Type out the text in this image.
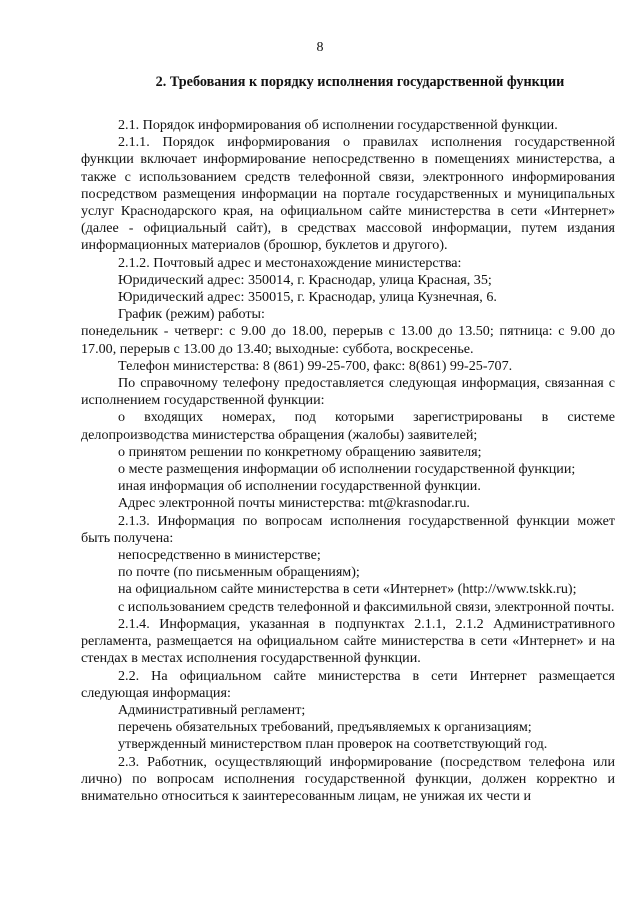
8
2. Требования к порядку исполнения государственной функции

2.1. Порядок информирования об исполнении государственной функции.

2.1.1. Порядок информирования о правилах исполнения государственной функции включает информирование непосредственно в помещениях министерства, а также с использованием средств телефонной связи, электронного информирования посредством размещения информации на портале государственных и муниципальных услуг Краснодарского края, на официальном сайте министерства в сети «Интернет» (далее - официальный сайт), в средствах массовой информации, путем издания информационных материалов (брошюр, буклетов и другого).

2.1.2. Почтовый адрес и местонахождение министерства:

Юридический адрес: 350014, г. Краснодар, улица Красная, 35;

Юридический адрес: 350015, г. Краснодар, улица Кузнечная, 6.

График (режим) работы:

понедельник - четверг: с 9.00 до 18.00, перерыв с 13.00 до 13.50; пятница: с 9.00 до 17.00, перерыв с 13.00 до 13.40; выходные: суббота, воскресенье.

Телефон министерства: 8 (861) 99-25-700, факс: 8(861) 99-25-707.

По справочному телефону предоставляется следующая информация, связанная с исполнением государственной функции:

о входящих номерах, под которыми зарегистрированы в системе делопроизводства министерства обращения (жалобы) заявителей;

о принятом решении по конкретному обращению заявителя;

о месте размещения информации об исполнении государственной функции;

иная информация об исполнении государственной функции.

Адрес электронной почты министерства: mt@krasnodar.ru.

2.1.3. Информация по вопросам исполнения государственной функции может быть получена:

непосредственно в министерстве;

по почте (по письменным обращениям);

на официальном сайте министерства в сети «Интернет» (http://www.tskk.ru);

с использованием средств телефонной и факсимильной связи, электронной почты.

2.1.4. Информация, указанная в подпунктах 2.1.1, 2.1.2 Административного регламента, размещается на официальном сайте министерства в сети «Интернет» и на стендах в местах исполнения государственной функции.

2.2. На официальном сайте министерства в сети Интернет размещается следующая информация:

Административный регламент;

перечень обязательных требований, предъявляемых к организациям;

утвержденный министерством план проверок на соответствующий год.

2.3. Работник, осуществляющий информирование (посредством телефона или лично) по вопросам исполнения государственной функции, должен корректно и внимательно относиться к заинтересованным лицам, не унижая их чести и
